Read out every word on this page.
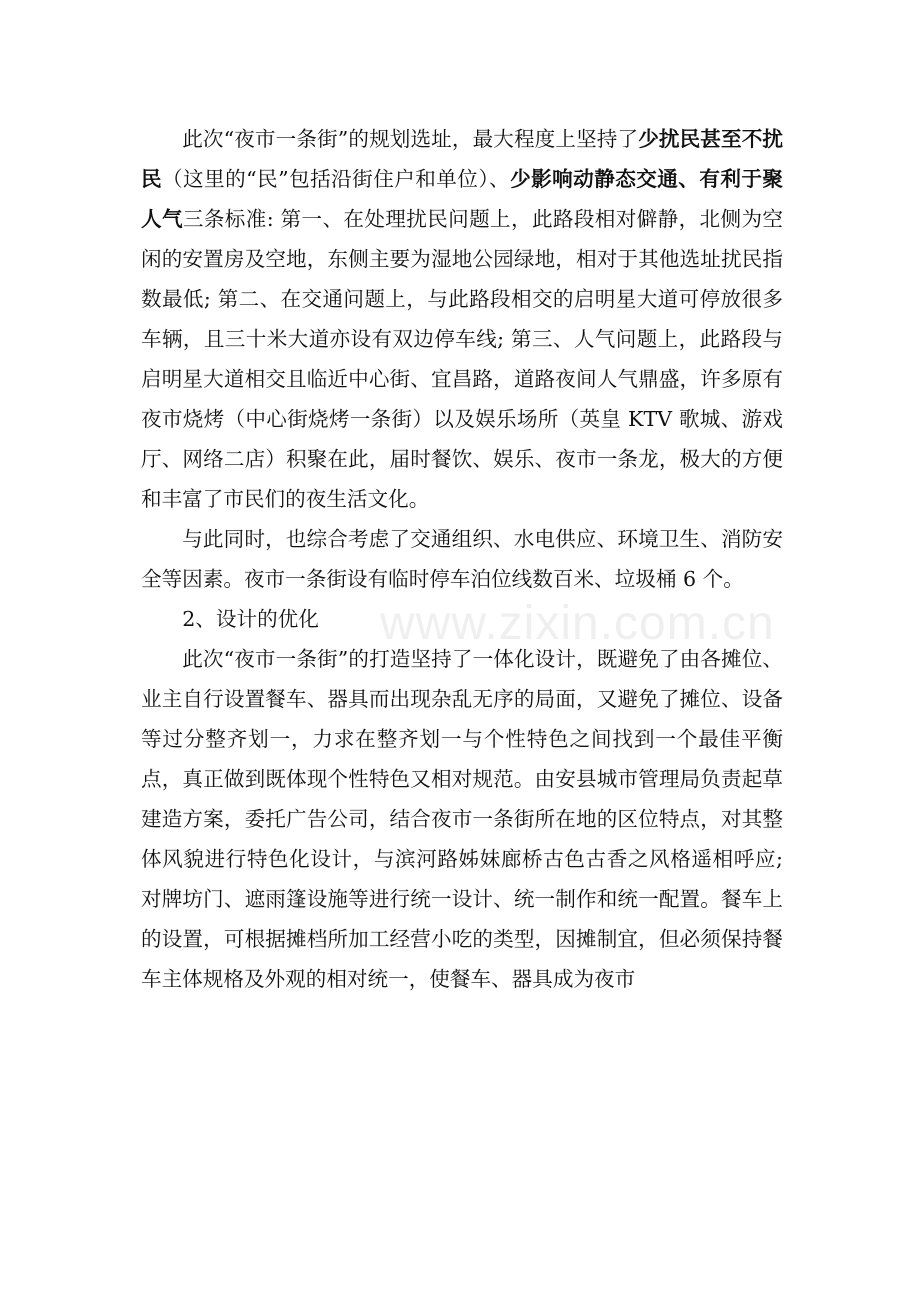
此次“夜市一条街”的规划选址，最大程度上坚持了少扰民甚至不扰民（这里的“民”包括沿街住户和单位）、少影响动静态交通、有利于聚人气三条标准: 第一、在处理扰民问题上，此路段相对僻静，北侧为空闲的安置房及空地，东侧主要为湿地公园绿地，相对于其他选址扰民指数最低; 第二、在交通问题上，与此路段相交的启明星大道可停放很多车辆，且三十米大道亦设有双边停车线; 第三、人气问题上，此路段与启明星大道相交且临近中心街、宜昌路，道路夜间人气鼎盛，许多原有夜市烧烤（中心街烧烤一条街）以及娱乐场所（英皇 KTV 歌城、游戏厅、网络二店）积聚在此，届时餐饮、娱乐、夜市一条龙，极大的方便和丰富了市民们的夜生活文化。

与此同时，也综合考虑了交通组织、水电供应、环境卫生、消防安全等因素。夜市一条街设有临时停车泊位线数百米、垃圾桶 6 个。

2、设计的优化

此次“夜市一条街”的打造坚持了一体化设计，既避免了由各摊位、业主自行设置餐车、器具而出现杂乱无序的局面，又避免了摊位、设备等过分整齐划一，力求在整齐划一与个性特色之间找到一个最佳平衡点，真正做到既体现个性特色又相对规范。由安县城市管理局负责起草建造方案，委托广告公司，结合夜市一条街所在地的区位特点，对其整体风貌进行特色化设计，与滨河路姊妹廊桥古色古香之风格遥相呼应; 对牌坊门、遮雨篷设施等进行统一设计、统一制作和统一配置。餐车上的设置，可根据摊档所加工经营小吃的类型，因摊制宜，但必须保持餐车主体规格及外观的相对统一，使餐车、器具成为夜市

www.zixin.com.cn
